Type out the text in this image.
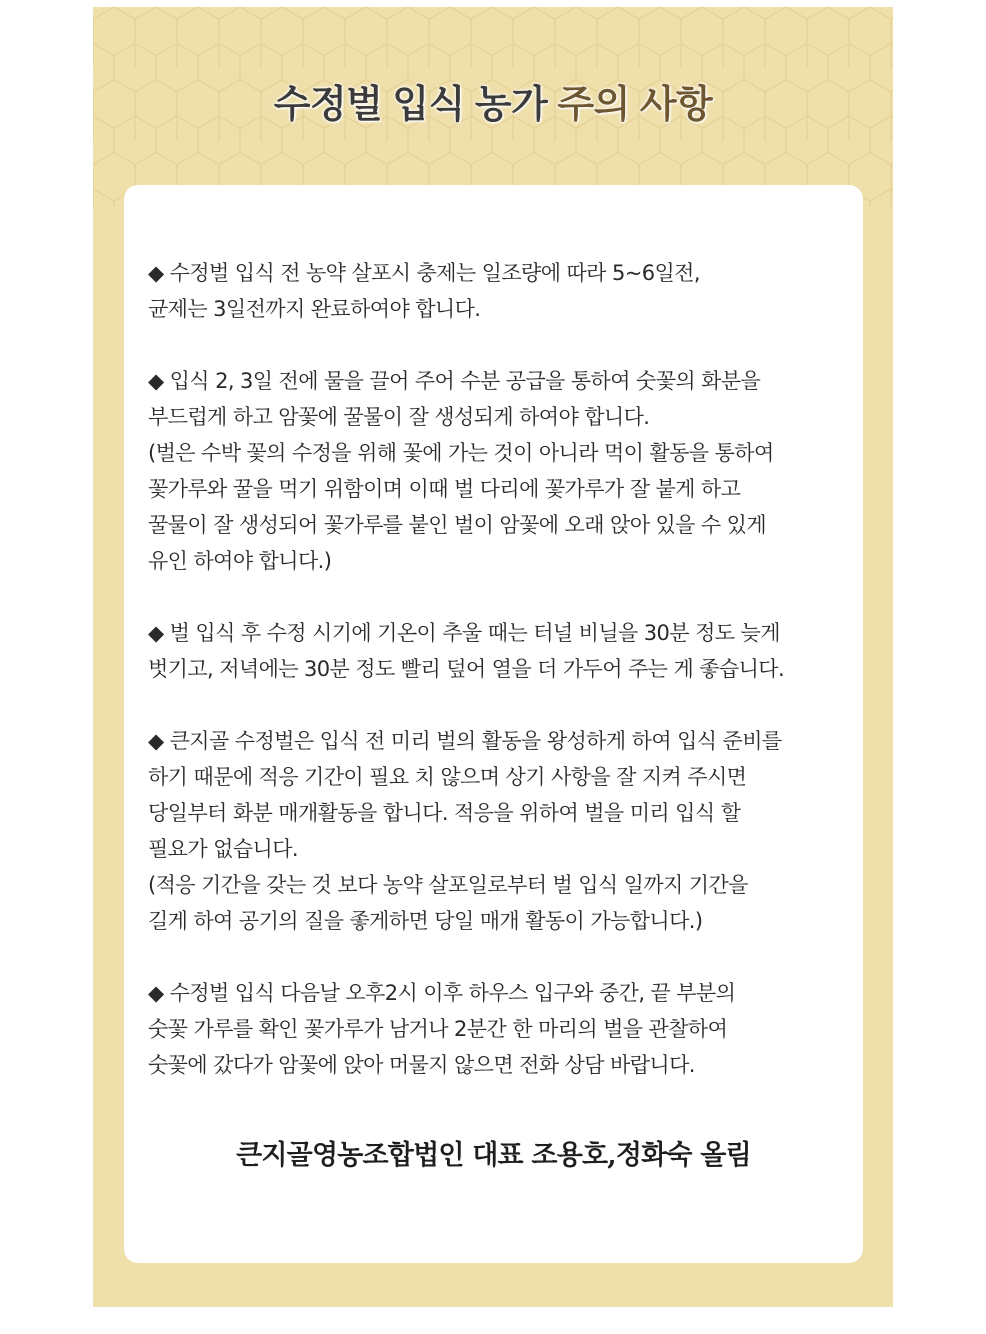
수정벌 입식 농가 주의 사항
◆ 수정벌 입식 전 농약 살포시 충제는 일조량에 따라 5~6일전,
균제는 3일전까지 완료하여야 합니다.
◆ 입식 2, 3일 전에 물을 끌어 주어 수분 공급을 통하여 숫꽃의 화분을
부드럽게 하고 암꽃에 꿀물이 잘 생성되게 하여야 합니다.
(벌은 수박 꽃의 수정을 위해 꽃에 가는 것이 아니라 먹이 활동을 통하여
꽃가루와 꿀을 먹기 위함이며 이때 벌 다리에 꽃가루가 잘 붙게 하고
꿀물이 잘 생성되어 꽃가루를 붙인 벌이 암꽃에 오래 앉아 있을 수 있게
유인 하여야 합니다.)
◆ 벌 입식 후 수정 시기에 기온이 추울 때는 터널 비닐을 30분 정도 늦게
벗기고, 저녁에는 30분 정도 빨리 덮어 열을 더 가두어 주는 게 좋습니다.
◆ 큰지골 수정벌은 입식 전 미리 벌의 활동을 왕성하게 하여 입식 준비를
하기 때문에 적응 기간이 필요 치 않으며 상기 사항을 잘 지켜 주시면
당일부터 화분 매개활동을 합니다. 적응을 위하여 벌을 미리 입식 할
필요가 없습니다.
(적응 기간을 갖는 것 보다 농약 살포일로부터 벌 입식 일까지 기간을
길게 하여 공기의 질을 좋게하면 당일 매개 활동이 가능합니다.)
◆ 수정벌 입식 다음날 오후2시 이후 하우스 입구와 중간, 끝 부분의
숫꽃 가루를 확인 꽃가루가 남거나 2분간 한 마리의 벌을 관찰하여
숫꽃에 갔다가 암꽃에 앉아 머물지 않으면 전화 상담 바랍니다.
큰지골영농조합법인 대표 조용호,정화숙 올림
